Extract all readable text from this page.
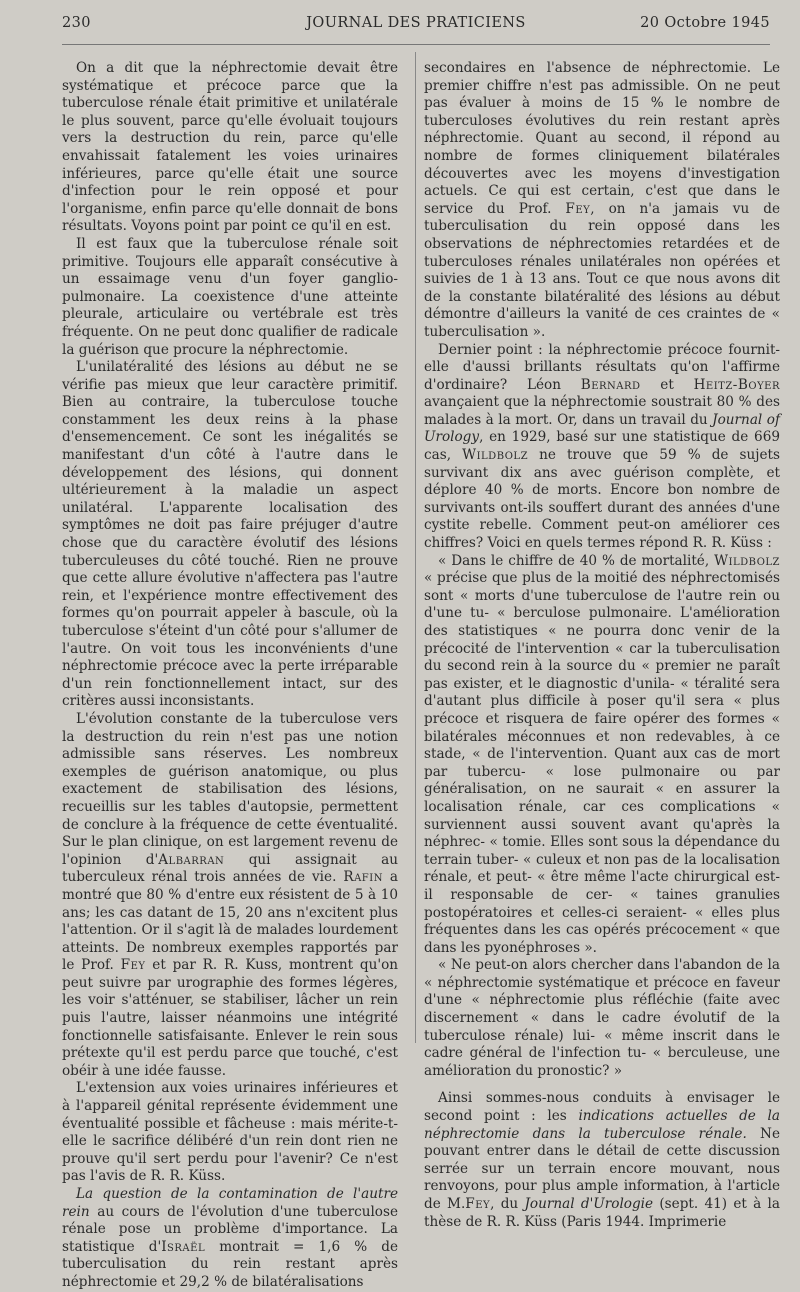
230	JOURNAL DES PRATICIENS	20 Octobre 1945

On a dit que la néphrectomie devait être systématique et précoce parce que la tuberculose rénale était primitive et unilatérale le plus souvent, parce qu'elle évoluait toujours vers la destruction du rein, parce qu'elle envahissait fatalement les voies urinaires inférieures, parce qu'elle était une source d'infection pour le rein opposé et pour l'organisme, enfin parce qu'elle donnait de bons résultats. Voyons point par point ce qu'il en est.

Il est faux que la tuberculose rénale soit primitive. Toujours elle apparaît consécutive à un essaimage venu d'un foyer ganglio-pulmonaire. La coexistence d'une atteinte pleurale, articulaire ou vertébrale est très fréquente. On ne peut donc qualifier de radicale la guérison que procure la néphrectomie.

L'unilatéralité des lésions au début ne se vérifie pas mieux que leur caractère primitif. Bien au contraire, la tuberculose touche constamment les deux reins à la phase d'ensemencement. Ce sont les inégalités se manifestant d'un côté à l'autre dans le développement des lésions, qui donnent ultérieurement à la maladie un aspect unilatéral. L'apparente localisation des symptômes ne doit pas faire préjuger d'autre chose que du caractère évolutif des lésions tuberculeuses du côté touché. Rien ne prouve que cette allure évolutive n'affectera pas l'autre rein, et l'expérience montre effectivement des formes qu'on pourrait appeler à bascule, où la tuberculose s'éteint d'un côté pour s'allumer de l'autre. On voit tous les inconvénients d'une néphrectomie précoce avec la perte irréparable d'un rein fonctionnellement intact, sur des critères aussi inconsistants.

L'évolution constante de la tuberculose vers la destruction du rein n'est pas une notion admissible sans réserves. Les nombreux exemples de guérison anatomique, ou plus exactement de stabilisation des lésions, recueillis sur les tables d'autopsie, permettent de conclure à la fréquence de cette éventualité. Sur le plan clinique, on est largement revenu de l'opinion d'Albarran qui assignait au tuberculeux rénal trois années de vie. Rafin a montré que 80 % d'entre eux résistent de 5 à 10 ans; les cas datant de 15, 20 ans n'excitent plus l'attention. Or il s'agit là de malades lourdement atteints. De nombreux exemples rapportés par le Prof. Fey et par R. R. Kuss, montrent qu'on peut suivre par urographie des formes légères, les voir s'atténuer, se stabiliser, lâcher un rein puis l'autre, laisser néanmoins une intégrité fonctionnelle satisfaisante. Enlever le rein sous prétexte qu'il est perdu parce que touché, c'est obéir à une idée fausse.

L'extension aux voies urinaires inférieures et à l'appareil génital représente évidemment une éventualité possible et fâcheuse : mais mérite-t-elle le sacrifice délibéré d'un rein dont rien ne prouve qu'il sert perdu pour l'avenir? Ce n'est pas l'avis de R. R. Küss.

La question de la contamination de l'autre rein au cours de l'évolution d'une tuberculose rénale pose un problème d'importance. La statistique d'Israël montrait = 1,6 % de tuberculisation du rein restant après néphrectomie et 29,2 % de bilatéralisations

secondaires en l'absence de néphrectomie. Le premier chiffre n'est pas admissible. On ne peut pas évaluer à moins de 15 % le nombre de tuberculoses évolutives du rein restant après néphrectomie. Quant au second, il répond au nombre de formes cliniquement bilatérales découvertes avec les moyens d'investigation actuels. Ce qui est certain, c'est que dans le service du Prof. Fey, on n'a jamais vu de tuberculisation du rein opposé dans les observations de néphrectomies retardées et de tuberculoses rénales unilatérales non opérées et suivies de 1 à 13 ans. Tout ce que nous avons dit de la constante bilatéralité des lésions au début démontre d'ailleurs la vanité de ces craintes de « tuberculisation ».

Dernier point : la néphrectomie précoce fournit-elle d'aussi brillants résultats qu'on l'affirme d'ordinaire? Léon Bernard et Heitz-Boyer avançaient que la néphrectomie soustrait 80 % des malades à la mort. Or, dans un travail du Journal of Urology, en 1929, basé sur une statistique de 669 cas, Wildbolz ne trouve que 59 % de sujets survivant dix ans avec guérison complète, et déplore 40 % de morts. Encore bon nombre de survivants ont-ils souffert durant des années d'une cystite rebelle. Comment peut-on améliorer ces chiffres? Voici en quels termes répond R. R. Küss :

« Dans le chiffre de 40 % de mortalité, Wildbolz « précise que plus de la moitié des néphrectomisés sont « morts d'une tuberculose de l'autre rein ou d'une tu- « berculose pulmonaire. L'amélioration des statistiques « ne pourra donc venir de la précocité de l'intervention « car la tuberculisation du second rein à la source du « premier ne paraît pas exister, et le diagnostic d'unila- « téralité sera d'autant plus difficile à poser qu'il sera « plus précoce et risquera de faire opérer des formes « bilatérales méconnues et non redevables, à ce stade, « de l'intervention. Quant aux cas de mort par tubercu- « lose pulmonaire ou par généralisation, on ne saurait « en assurer la localisation rénale, car ces complications « surviennent aussi souvent avant qu'après la néphrec- « tomie. Elles sont sous la dépendance du terrain tuber- « culeux et non pas de la localisation rénale, et peut- « être même l'acte chirurgical est-il responsable de cer- « taines granulies postopératoires et celles-ci seraient- « elles plus fréquentes dans les cas opérés précocement « que dans les pyonéphroses ».

« Ne peut-on alors chercher dans l'abandon de la « néphrectomie systématique et précoce en faveur d'une « néphrectomie plus réfléchie (faite avec discernement « dans le cadre évolutif de la tuberculose rénale) lui- « même inscrit dans le cadre général de l'infection tu- « berculeuse, une amélioration du pronostic? »

Ainsi sommes-nous conduits à envisager le second point : les indications actuelles de la néphrectomie dans la tuberculose rénale. Ne pouvant entrer dans le détail de cette discussion serrée sur un terrain encore mouvant, nous renvoyons, pour plus ample information, à l'article de M.Fey, du Journal d'Urologie (sept. 41) et à la thèse de R. R. Küss (Paris 1944. Imprimerie
